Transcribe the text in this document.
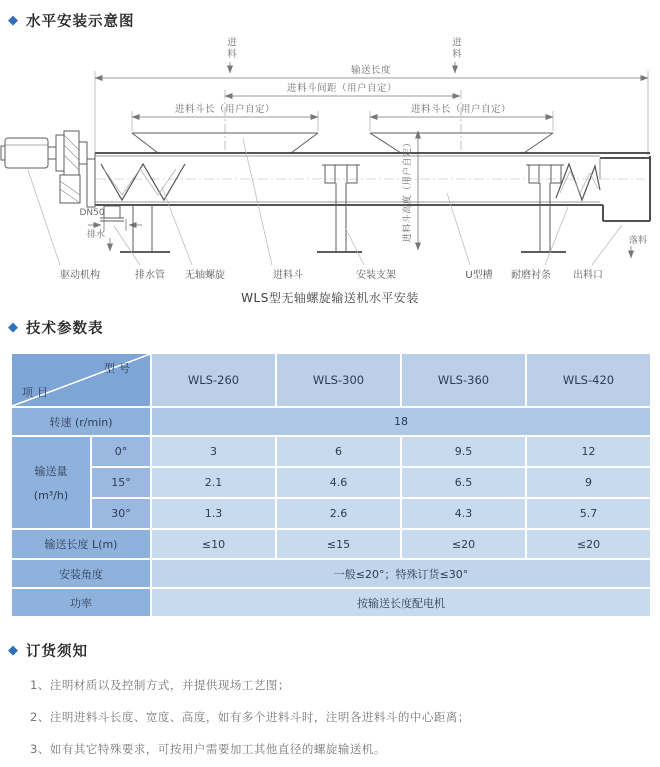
◆ 水平安装示意图
进料	进料
输送长度
进料斗间距（用户自定）
进料斗长（用户自定）	进料斗长（用户自定）
进料斗高度（用户自定）
DN50
排水
落料
驱动机构	排水管 无轴螺旋	进料斗	安装支架	U型槽 耐磨衬条 出料口
WLS型无轴螺旋输送机水平安装
◆ 技术参数表
型号
项目		WLS-260	WLS-300	WLS-360	WLS-420
转速 (r/min)		18			

输送量
(m³/h)	0°	3	6	9.5	12
	15°	2.1	4.6	6.5	9
	30°	1.3	2.6	4.3	5.7
输送长度 L(m)		≤10	≤15	≤20	≤20
安装角度		一般≤20°；特殊订货≤30°			
功率		按输送长度配电机			
◆ 订货须知
1、注明材质以及控制方式，并提供现场工艺图；
2、注明进料斗长度、宽度、高度，如有多个进料斗时，注明各进料斗的中心距离；
3、如有其它特殊要求，可按用户需要加工其他直径的螺旋输送机。
